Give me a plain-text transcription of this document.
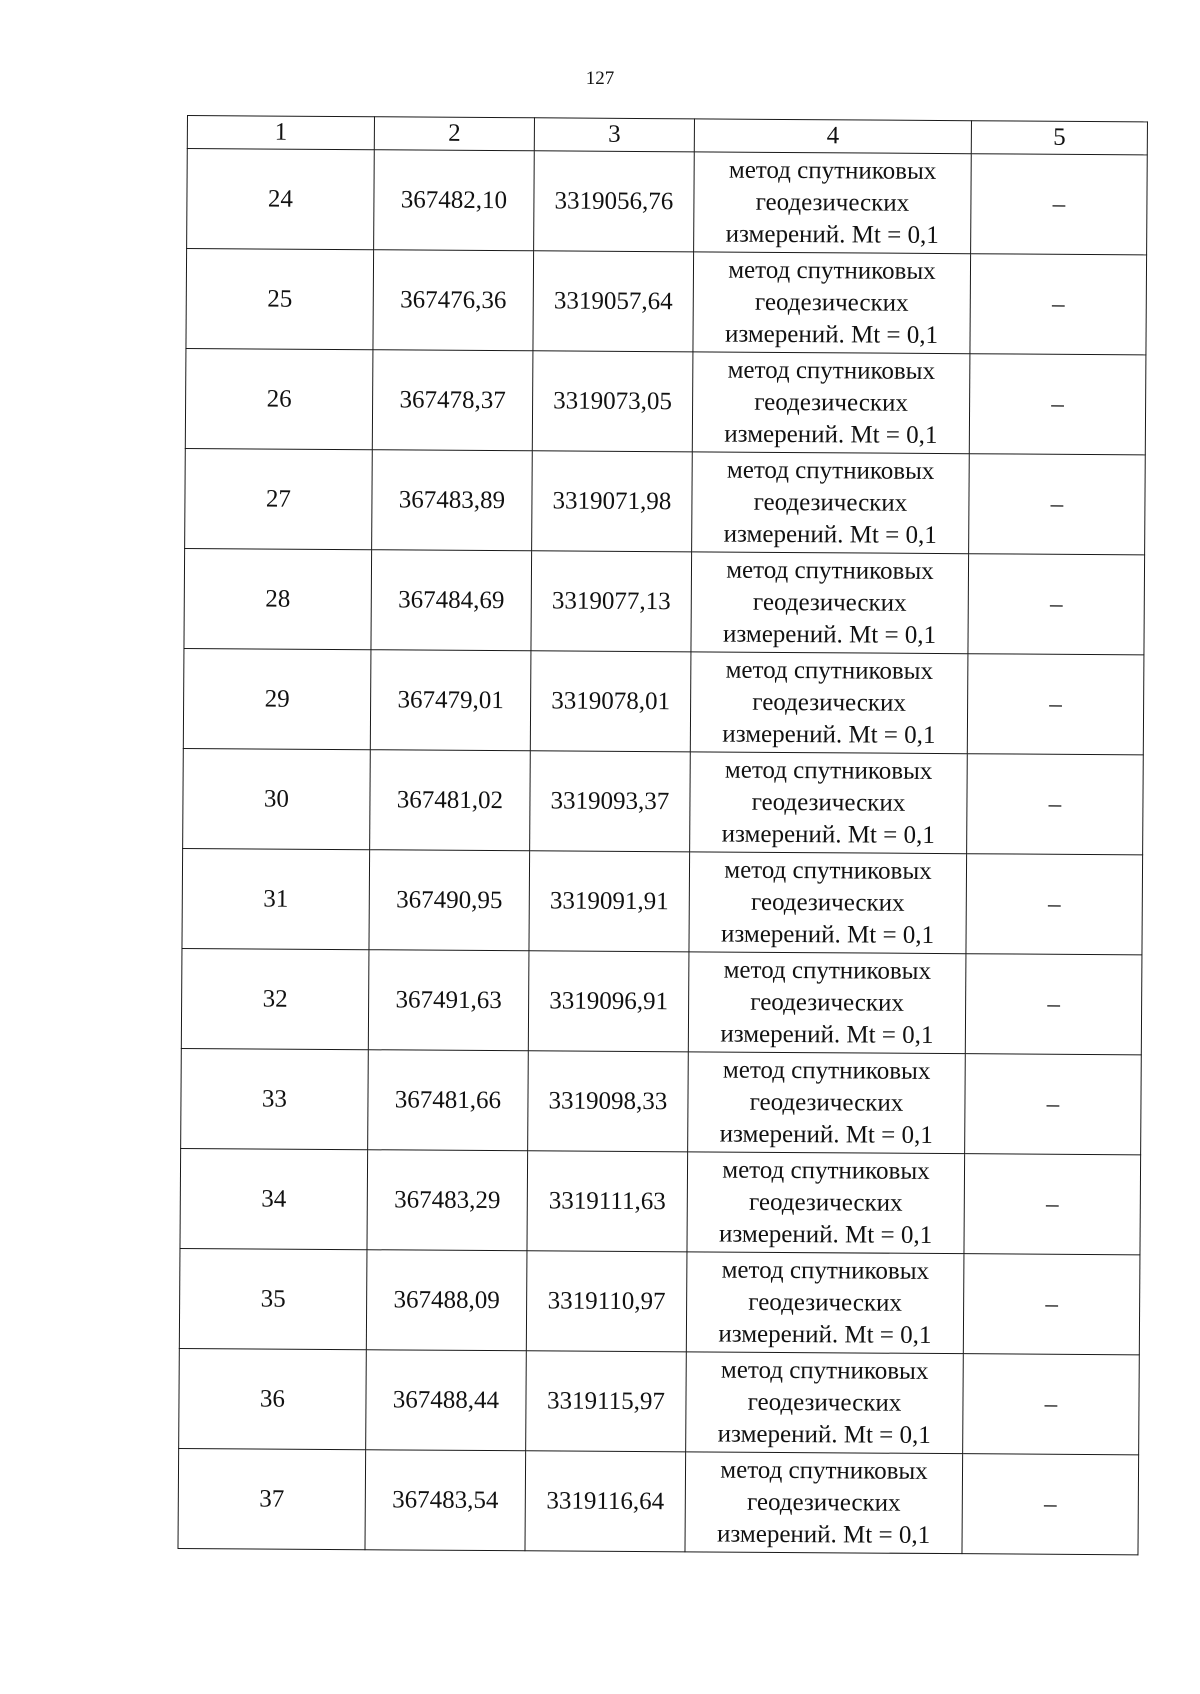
127
1	2	3	4	5
24	367482,10	3319056,76	метод спутниковых
геодезических
измерений. Mt = 0,1	–
25	367476,36	3319057,64	метод спутниковых
геодезических
измерений. Mt = 0,1	–
26	367478,37	3319073,05	метод спутниковых
геодезических
измерений. Mt = 0,1	–
27	367483,89	3319071,98	метод спутниковых
геодезических
измерений. Mt = 0,1	–
28	367484,69	3319077,13	метод спутниковых
геодезических
измерений. Mt = 0,1	–
29	367479,01	3319078,01	метод спутниковых
геодезических
измерений. Mt = 0,1	–
30	367481,02	3319093,37	метод спутниковых
геодезических
измерений. Mt = 0,1	–
31	367490,95	3319091,91	метод спутниковых
геодезических
измерений. Mt = 0,1	–
32	367491,63	3319096,91	метод спутниковых
геодезических
измерений. Mt = 0,1	–
33	367481,66	3319098,33	метод спутниковых
геодезических
измерений. Mt = 0,1	–
34	367483,29	3319111,63	метод спутниковых
геодезических
измерений. Mt = 0,1	–
35	367488,09	3319110,97	метод спутниковых
геодезических
измерений. Mt = 0,1	–
36	367488,44	3319115,97	метод спутниковых
геодезических
измерений. Mt = 0,1	–
37	367483,54	3319116,64	метод спутниковых
геодезических
измерений. Mt = 0,1	–
